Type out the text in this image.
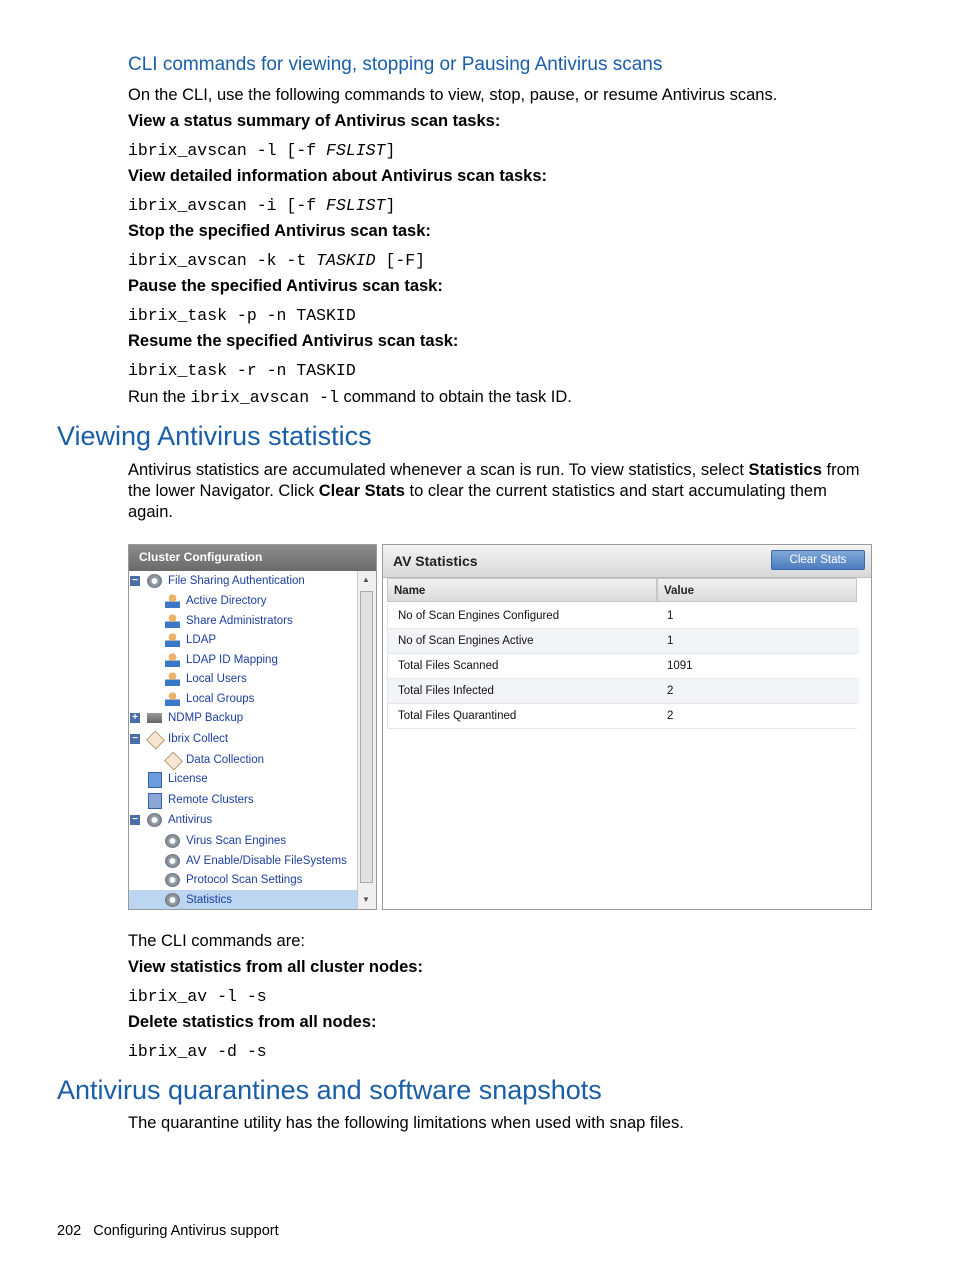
CLI commands for viewing, stopping or Pausing Antivirus scans
On the CLI, use the following commands to view, stop, pause, or resume Antivirus scans.
View a status summary of Antivirus scan tasks:
ibrix_avscan -l [-f FSLIST]
View detailed information about Antivirus scan tasks:
ibrix_avscan -i [-f FSLIST]
Stop the specified Antivirus scan task:
ibrix_avscan -k -t TASKID [-F]
Pause the specified Antivirus scan task:
ibrix_task -p -n TASKID
Resume the specified Antivirus scan task:
ibrix_task -r -n TASKID
Run the ibrix_avscan -l command to obtain the task ID.
Viewing Antivirus statistics
Antivirus statistics are accumulated whenever a scan is run. To view statistics, select Statistics from
the lower Navigator. Click Clear Stats to clear the current statistics and start accumulating them
again.
Cluster Configuration
−	File Sharing Authentication
Active Directory
Share Administrators
LDAP
LDAP ID Mapping
Local Users
Local Groups
+	NDMP Backup
−	Ibrix Collect
Data Collection
License
Remote Clusters
−	Antivirus
Virus Scan Engines
AV Enable/Disable FileSystems
Protocol Scan Settings
Statistics
▲
▼
AV Statistics	Clear Stats
Name	Value
No of Scan Engines Configured	1
No of Scan Engines Active	1
Total Files Scanned	1091
Total Files Infected	2
Total Files Quarantined	2
The CLI commands are:
View statistics from all cluster nodes:
ibrix_av -l -s
Delete statistics from all nodes:
ibrix_av -d -s
Antivirus quarantines and software snapshots
The quarantine utility has the following limitations when used with snap files.
202 Configuring Antivirus support
